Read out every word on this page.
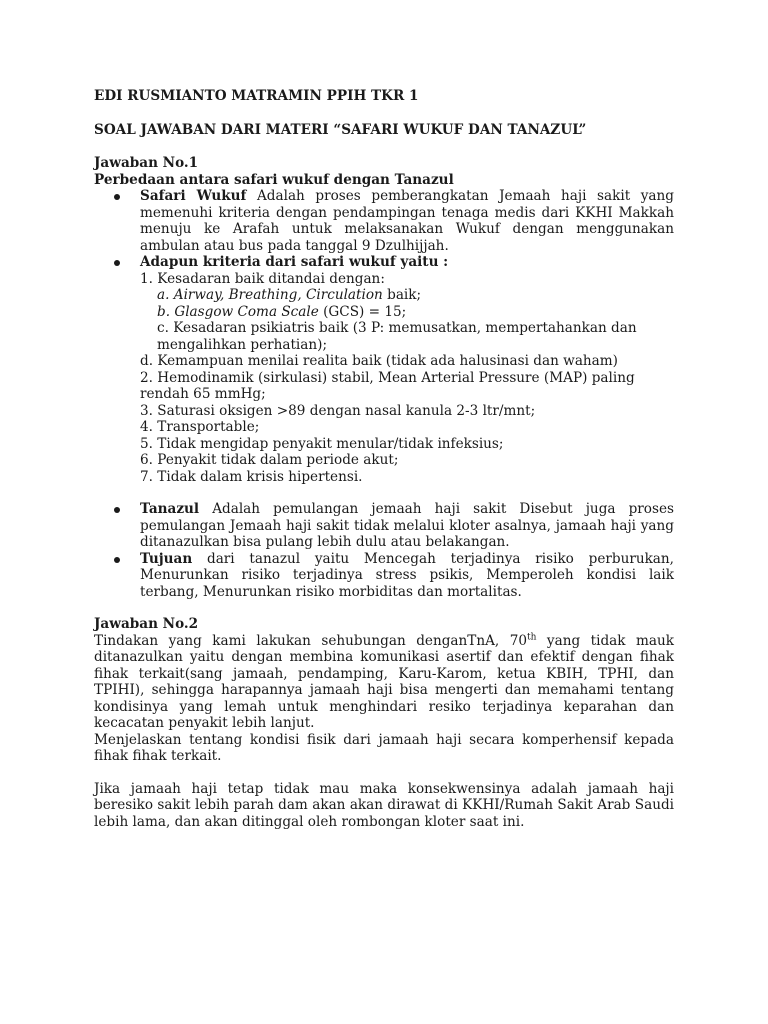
EDI RUSMIANTO MATRAMIN PPIH TKR 1

SOAL JAWABAN DARI MATERI “SAFARI WUKUF DAN TANAZUL”

Jawaban No.1

Perbedaan antara safari wukuf dengan Tanazul

Safari Wukuf Adalah proses pemberangkatan Jemaah haji sakit yang memenuhi kriteria dengan pendampingan tenaga medis dari KKHI Makkah menuju ke Arafah untuk melaksanakan Wukuf dengan menggunakan ambulan atau bus pada tanggal 9 Dzulhijjah.
Adapun kriteria dari safari wukuf yaitu :

1. Kesadaran baik ditandai dengan:

a. Airway, Breathing, Circulation baik;

b. Glasgow Coma Scale (GCS) = 15;

c. Kesadaran psikiatris baik (3 P: memusatkan, mempertahankan dan mengalihkan perhatian);

d. Kemampuan menilai realita baik (tidak ada halusinasi dan waham)

2. Hemodinamik (sirkulasi) stabil, Mean Arterial Pressure (MAP) paling rendah 65 mmHg;

3. Saturasi oksigen >89 dengan nasal kanula 2-3 ltr/mnt;

4. Transportable;

5. Tidak mengidap penyakit menular/tidak infeksius;

6. Penyakit tidak dalam periode akut;

7. Tidak dalam krisis hipertensi.

Tanazul Adalah pemulangan jemaah haji sakit Disebut juga proses pemulangan Jemaah haji sakit tidak melalui kloter asalnya, jamaah haji yang ditanazulkan bisa pulang lebih dulu atau belakangan.
Tujuan dari tanazul yaitu Mencegah terjadinya risiko perburukan, Menurunkan risiko terjadinya stress psikis, Memperoleh kondisi laik terbang, Menurunkan risiko morbiditas dan mortalitas.

Jawaban No.2

Tindakan yang kami lakukan sehubungan denganTnA, 70th yang tidak mauk ditanazulkan yaitu dengan membina komunikasi asertif dan efektif dengan fihak fihak terkait(sang jamaah, pendamping, Karu-Karom, ketua KBIH, TPHI, dan TPIHI), sehingga harapannya jamaah haji bisa mengerti dan memahami tentang kondisinya yang lemah untuk menghindari resiko terjadinya keparahan dan kecacatan penyakit lebih lanjut.

Menjelaskan tentang kondisi fisik dari jamaah haji secara komperhensif kepada fihak fihak terkait.

Jika jamaah haji tetap tidak mau maka konsekwensinya adalah jamaah haji beresiko sakit lebih parah dam akan akan dirawat di KKHI/Rumah Sakit Arab Saudi lebih lama, dan akan ditinggal oleh rombongan kloter saat ini.
